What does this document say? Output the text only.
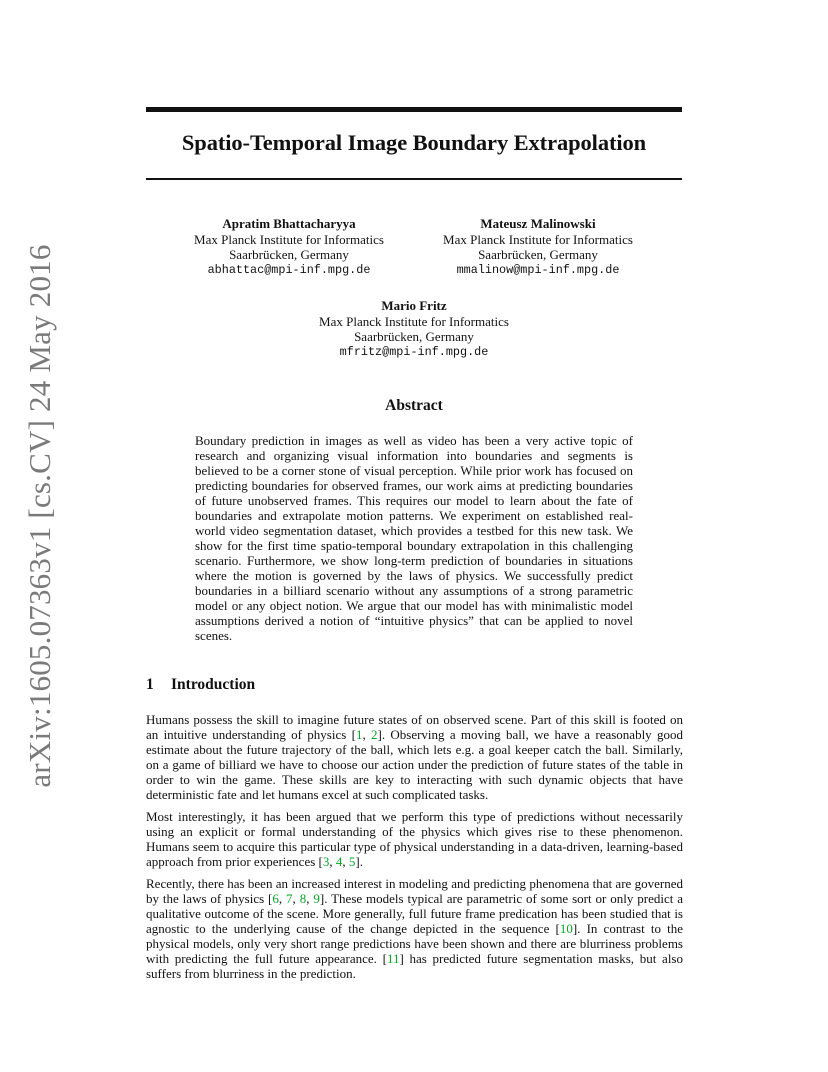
arXiv:1605.07363v1 [cs.CV] 24 May 2016
Spatio-Temporal Image Boundary Extrapolation
Apratim Bhattacharyya
Max Planck Institute for Informatics
Saarbrücken, Germany
abhattac@mpi-inf.mpg.de
Mateusz Malinowski
Max Planck Institute for Informatics
Saarbrücken, Germany
mmalinow@mpi-inf.mpg.de
Mario Fritz
Max Planck Institute for Informatics
Saarbrücken, Germany
mfritz@mpi-inf.mpg.de
Abstract
Boundary prediction in images as well as video has been a very active topic of research and organizing visual information into boundaries and segments is believed to be a corner stone of visual perception. While prior work has focused on predicting boundaries for observed frames, our work aims at predicting boundaries of future unobserved frames. This requires our model to learn about the fate of boundaries and extrapolate motion patterns. We experiment on established real-world video segmentation dataset, which provides a testbed for this new task. We show for the first time spatio-temporal boundary extrapolation in this challenging scenario. Furthermore, we show long-term prediction of boundaries in situations where the motion is governed by the laws of physics. We successfully predict boundaries in a billiard scenario without any assumptions of a strong parametric model or any object notion. We argue that our model has with minimalistic model assumptions derived a notion of “intuitive physics” that can be applied to novel scenes.
1 Introduction
Humans possess the skill to imagine future states of on observed scene. Part of this skill is footed on an intuitive understanding of physics [1, 2]. Observing a moving ball, we have a reasonably good estimate about the future trajectory of the ball, which lets e.g. a goal keeper catch the ball. Similarly, on a game of billiard we have to choose our action under the prediction of future states of the table in order to win the game. These skills are key to interacting with such dynamic objects that have deterministic fate and let humans excel at such complicated tasks.
Most interestingly, it has been argued that we perform this type of predictions without necessarily using an explicit or formal understanding of the physics which gives rise to these phenomenon. Humans seem to acquire this particular type of physical understanding in a data-driven, learning-based approach from prior experiences [3, 4, 5].
Recently, there has been an increased interest in modeling and predicting phenomena that are governed by the laws of physics [6, 7, 8, 9]. These models typical are parametric of some sort or only predict a qualitative outcome of the scene. More generally, full future frame predication has been studied that is agnostic to the underlying cause of the change depicted in the sequence [10]. In contrast to the physical models, only very short range predictions have been shown and there are blurriness problems with predicting the full future appearance. [11] has predicted future segmentation masks, but also suffers from blurriness in the prediction.
